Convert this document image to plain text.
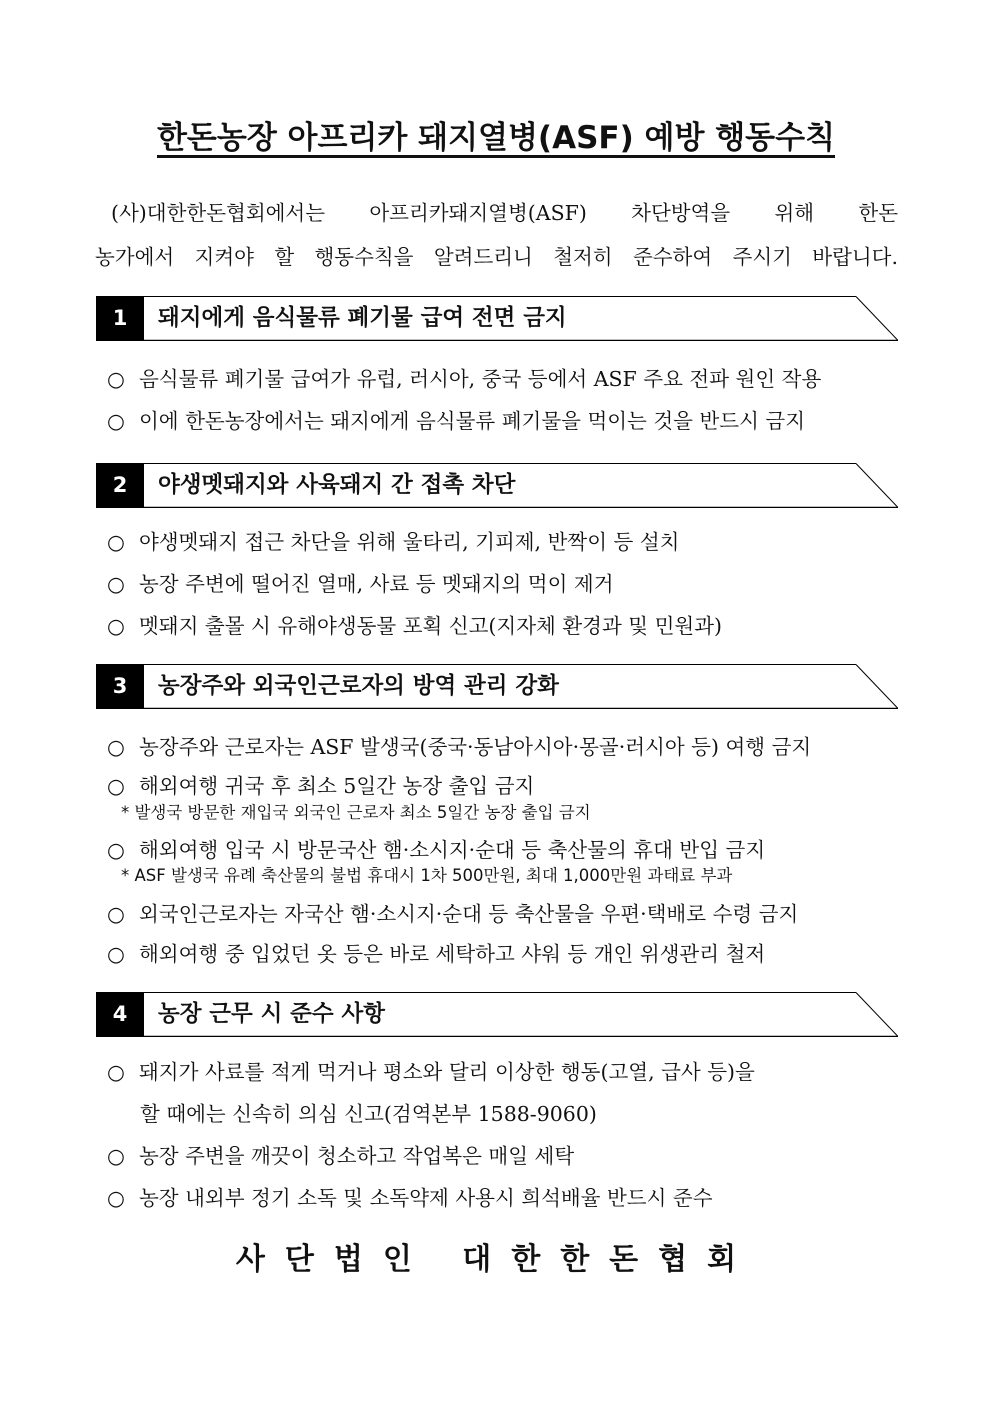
한돈농장 아프리카 돼지열병(ASF) 예방 행동수칙
(사)대한한돈협회에서는 아프리카돼지열병(ASF) 차단방역을 위해 한돈
농가에서 지켜야 할 행동수칙을 알려드리니 철저히 준수하여 주시기 바랍니다.
1	돼지에게 음식물류 폐기물 급여 전면 금지
○ 음식물류 폐기물 급여가 유럽, 러시아, 중국 등에서 ASF 주요 전파 원인 작용
○ 이에 한돈농장에서는 돼지에게 음식물류 폐기물을 먹이는 것을 반드시 금지
2	야생멧돼지와 사육돼지 간 접촉 차단
○ 야생멧돼지 접근 차단을 위해 울타리, 기피제, 반짝이 등 설치
○ 농장 주변에 떨어진 열매, 사료 등 멧돼지의 먹이 제거
○ 멧돼지 출몰 시 유해야생동물 포획 신고(지자체 환경과 및 민원과)
3	농장주와 외국인근로자의 방역 관리 강화
○ 농장주와 근로자는 ASF 발생국(중국·동남아시아·몽골·러시아 등) 여행 금지
○ 해외여행 귀국 후 최소 5일간 농장 출입 금지
* 발생국 방문한 재입국 외국인 근로자 최소 5일간 농장 출입 금지
○ 해외여행 입국 시 방문국산 햄·소시지·순대 등 축산물의 휴대 반입 금지
* ASF 발생국 유례 축산물의 불법 휴대시 1차 500만원, 최대 1,000만원 과태료 부과
○ 외국인근로자는 자국산 햄·소시지·순대 등 축산물을 우편·택배로 수령 금지
○ 해외여행 중 입었던 옷 등은 바로 세탁하고 샤워 등 개인 위생관리 철저
4	농장 근무 시 준수 사항
○ 돼지가 사료를 적게 먹거나 평소와 달리 이상한 행동(고열, 급사 등)을
할 때에는 신속히 의심 신고(검역본부 1588-9060)
○ 농장 주변을 깨끗이 청소하고 작업복은 매일 세탁
○ 농장 내외부 정기 소독 및 소독약제 사용시 희석배율 반드시 준수
사단법인 대한한돈협회
